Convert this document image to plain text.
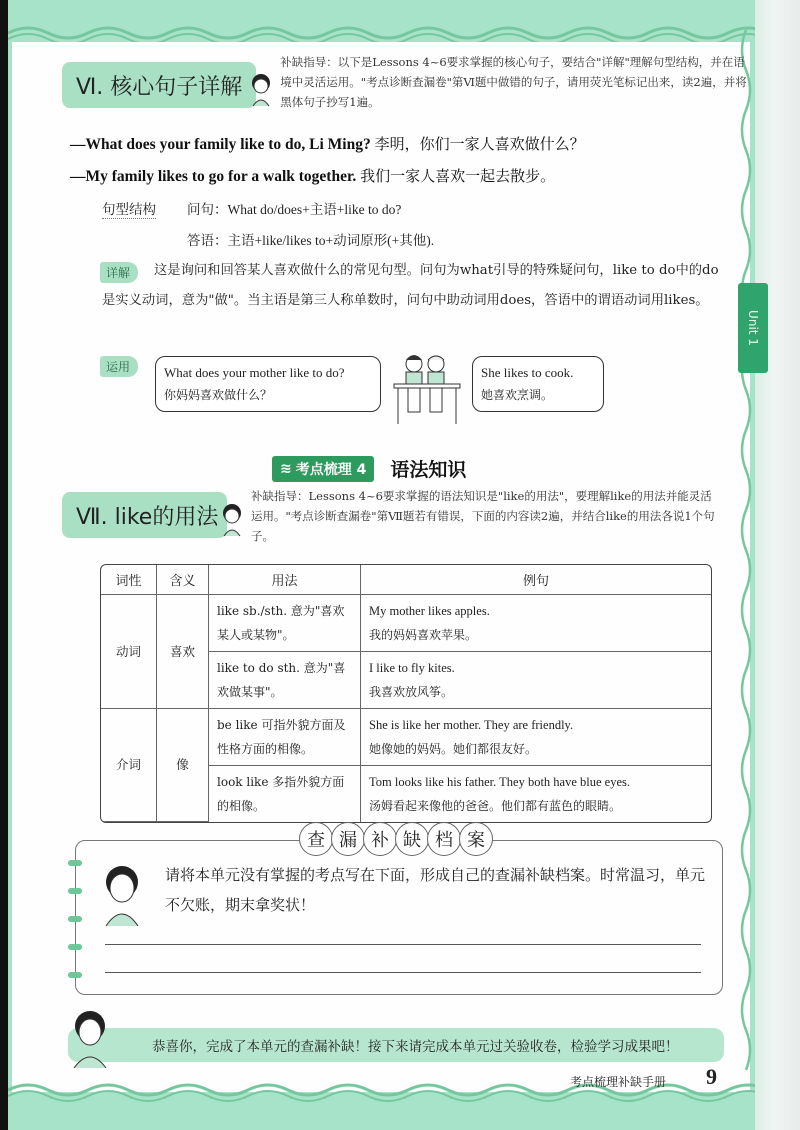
Unit 1
Ⅵ. 核心句子详解
补缺指导：以下是Lessons 4~6要求掌握的核心句子，要结合"详解"理解句型结构，并在语境中灵活运用。"考点诊断查漏卷"第Ⅵ题中做错的句子，请用荧光笔标记出来，读2遍，并将黑体句子抄写1遍。
—What does your family like to do, Li Ming? 李明，你们一家人喜欢做什么？
—My family likes to go for a walk together. 我们一家人喜欢一起去散步。
句型结构 问句：What do/does+主语+like to do?
答语：主语+like/likes to+动词原形(+其他).
详解	这是询问和回答某人喜欢做什么的常见句型。问句为what引导的特殊疑问句，like to do中的do是实义动词，意为"做"。当主语是第三人称单数时，问句中助动词用does，答语中的谓语动词用likes。
运用	What does your mother like to do?
你妈妈喜欢做什么？
She likes to cook.
她喜欢烹调。
≋ 考点梳理 4 语法知识
Ⅶ. like的用法
补缺指导：Lessons 4~6要求掌握的语法知识是"like的用法"，要理解like的用法并能灵活运用。"考点诊断查漏卷"第Ⅶ题若有错误，下面的内容读2遍，并结合like的用法各说1个句子。
词性	含义	用法	例句
动词	喜欢	like sb./sth. 意为"喜欢某人或某物"。	My mother likes apples.
我的妈妈喜欢苹果。

		like to do sth. 意为"喜欢做某事"。	I like to fly kites.
我喜欢放风筝。

介词	像	be like 可指外貌方面及性格方面的相像。	She is like her mother. They are friendly.
她像她的妈妈。她们都很友好。

		look like 多指外貌方面的相像。	Tom looks like his father. They both have blue eyes.
汤姆看起来像他的爸爸。他们都有蓝色的眼睛。
查 漏 补 缺 档 案
请将本单元没有掌握的考点写在下面，形成自己的查漏补缺档案。时常温习，单元不欠账，期末拿奖状！
恭喜你，完成了本单元的查漏补缺！接下来请完成本单元过关验收卷，检验学习成果吧！
考点梳理补缺手册 9
